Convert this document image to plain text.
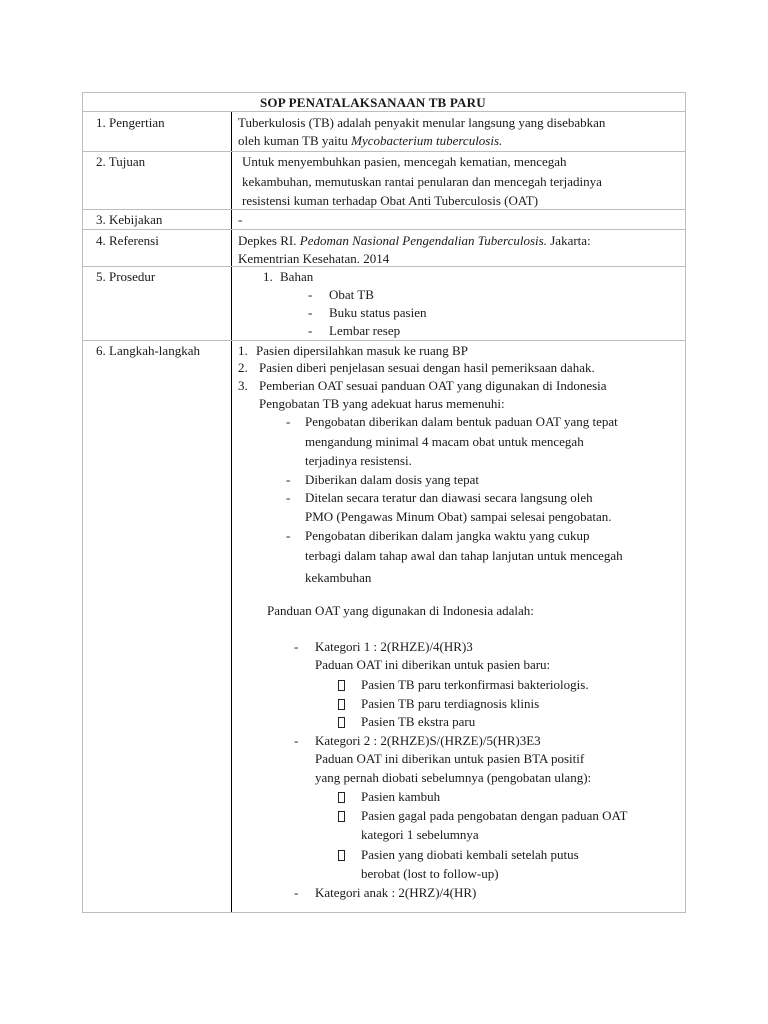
SOP PENATALAKSANAAN TB PARU
1. Pengertian	Tuberkulosis (TB) adalah penyakit menular langsung yang disebabkan
oleh kuman TB yaitu Mycobacterium tuberculosis.
2. Tujuan	Untuk menyembuhkan pasien, mencegah kematian, mencegah
kekambuhan, memutuskan rantai penularan dan mencegah terjadinya
resistensi kuman terhadap Obat Anti Tuberculosis (OAT)
3. Kebijakan	-
4. Referensi	Depkes RI. Pedoman Nasional Pengendalian Tuberculosis. Jakarta:
Kementrian Kesehatan. 2014
5. Prosedur	1. Bahan
- Obat TB
- Buku status pasien
- Lembar resep
6. Langkah-langkah	1. Pasien dipersilahkan masuk ke ruang BP
2. Pasien diberi penjelasan sesuai dengan hasil pemeriksaan dahak.
3. Pemberian OAT sesuai panduan OAT yang digunakan di Indonesia
Pengobatan TB yang adekuat harus memenuhi:
- Pengobatan diberikan dalam bentuk paduan OAT yang tepat
mengandung minimal 4 macam obat untuk mencegah
terjadinya resistensi.
- Diberikan dalam dosis yang tepat
- Ditelan secara teratur dan diawasi secara langsung oleh
PMO (Pengawas Minum Obat) sampai selesai pengobatan.
- Pengobatan diberikan dalam jangka waktu yang cukup
terbagi dalam tahap awal dan tahap lanjutan untuk mencegah
kekambuhan
Panduan OAT yang digunakan di Indonesia adalah:
- Kategori 1 : 2(RHZE)/4(HR)3
Paduan OAT ini diberikan untuk pasien baru:
Pasien TB paru terkonfirmasi bakteriologis.
Pasien TB paru terdiagnosis klinis
Pasien TB ekstra paru
- Kategori 2 : 2(RHZE)S/(HRZE)/5(HR)3E3
Paduan OAT ini diberikan untuk pasien BTA positif
yang pernah diobati sebelumnya (pengobatan ulang):
Pasien kambuh
Pasien gagal pada pengobatan dengan paduan OAT
kategori 1 sebelumnya
Pasien yang diobati kembali setelah putus
berobat (lost to follow-up)
- Kategori anak : 2(HRZ)/4(HR)
